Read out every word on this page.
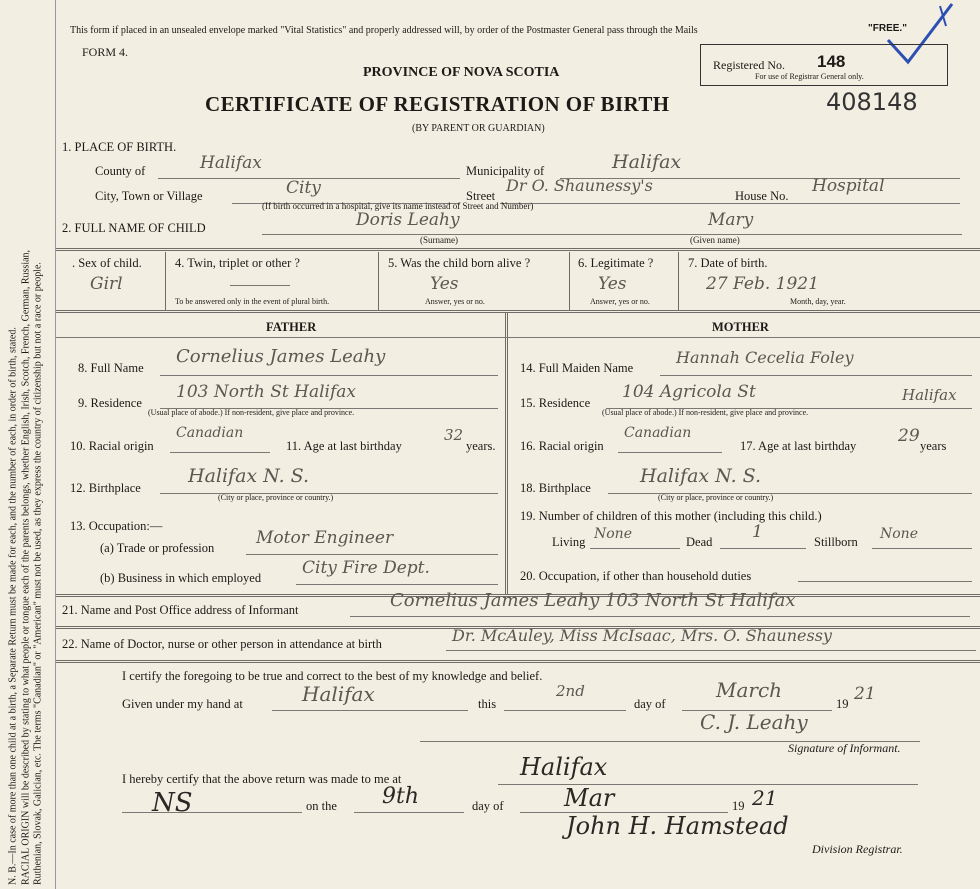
N. B.—In case of more than one child at a birth, a Separate Return must be made for each, and the number of each, in order of birth, stated. RACIAL ORIGIN will be described by stating to what people or tongue each of the parents belongs, whether English, Irish, Scotch, French, German, Russian, Ruthenian, Slovak, Galician, etc. The terms "Canadian" or "American" must not be used, as they express the country of citizenship but not a race or people.
This form if placed in an unsealed envelope marked "Vital Statistics" and properly addressed will, by order of the Postmaster General pass through the Mails	"FREE."
FORM 4.
PROVINCE OF NOVA SCOTIA
CERTIFICATE OF REGISTRATION OF BIRTH
(BY PARENT OR GUARDIAN)
Registered No. 148
For use of Registrar General only.
408148
1. PLACE OF BIRTH.
County of	Halifax	Municipality of	Halifax
City, Town or Village	City	Street
Dr O. Shaunessy's
House No. Hospital
(If birth occurred in a hospital, give its name instead of Street and Number)
2. FULL NAME OF CHILD	Doris Leahy	Mary
(Surname)	(Given name)
. Sex of child.
Girl
4. Twin, triplet or other ?
To be answered only in the event of plural birth.
5. Was the child born alive ?
Yes
Answer, yes or no.
6. Legitimate ?
Yes
Answer, yes or no.
7. Date of birth.
27 Feb. 1921
Month, day, year.
FATHER
8. Full Name
Cornelius James Leahy
9. Residence
103 North St Halifax
(Usual place of abode.) If non-resident, give place and province.
10. Racial origin
Canadian
11. Age at last birthday
32
years.
12. Birthplace
Halifax N. S.
(City or place, province or country.)
13. Occupation:—
(a) Trade or profession Motor Engineer
(b) Business in which employed City Fire Dept.
MOTHER
14. Full Maiden Name
Hannah Cecelia Foley
15. Residence
104 Agricola St	Halifax
(Usual place of abode.) If non-resident, give place and province.
16. Racial origin
Canadian
17. Age at last birthday 29 years
18. Birthplace
Halifax N. S.
(City or place, province or country.)
19. Number of children of this mother (including this child.)
Living None	Dead 1	Stillborn None
20. Occupation, if other than household duties
21. Name and Post Office address of Informant	Cornelius James Leahy 103 North St Halifax
22. Name of Doctor, nurse or other person in attendance at birth	Dr. McAuley, Miss McIsaac, Mrs. O. Shaunessy
I certify the foregoing to be true and correct to the best of my knowledge and belief.
Given under my hand at	Halifax	this
2nd
day of
March
19 21
C. J. Leahy
Signature of Informant.
I hereby certify that the above return was made to me at	Halifax
NS	on the 9th	day of	Mar	19 21
John H. Hamstead
Division Registrar.
